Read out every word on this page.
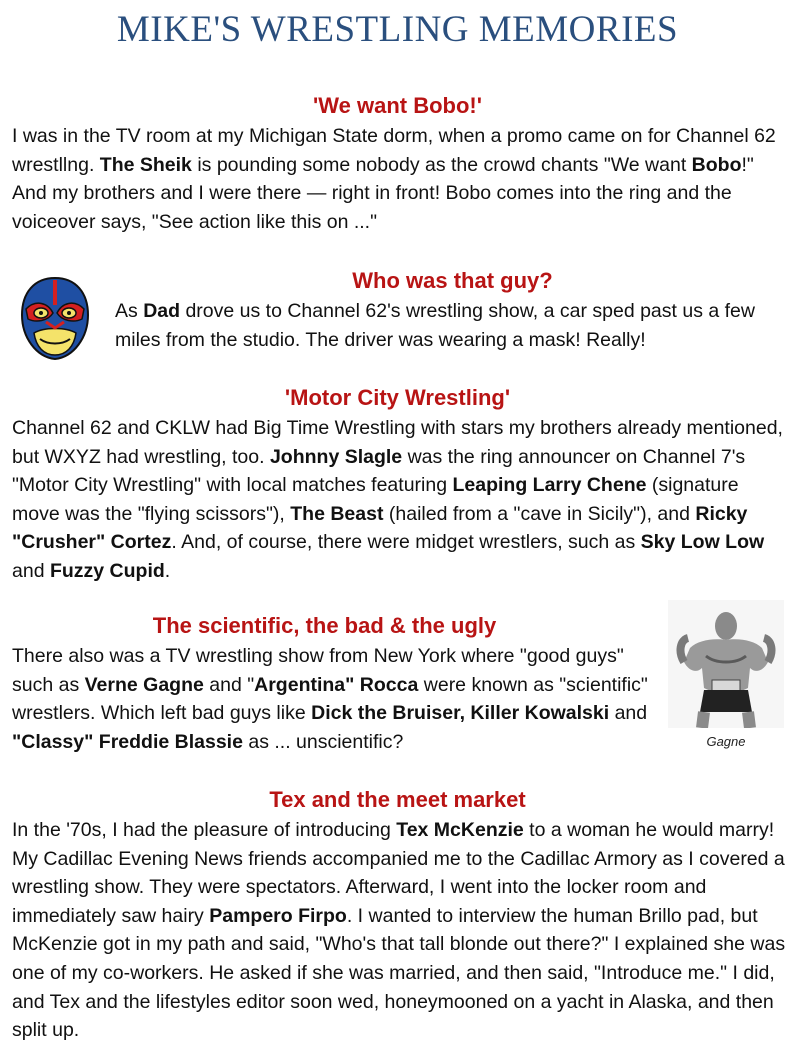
MIKE'S WRESTLING MEMORIES
'We want Bobo!'

I was in the TV room at my Michigan State dorm, when a promo came on for Channel 62 wrestllng. The Sheik is pounding some nobody as the crowd chants "We want Bobo!" And my brothers and I were there — right in front! Bobo comes into the ring and the voiceover says, "See action like this on ..."

Who was that guy?

As Dad drove us to Channel 62's wrestling show, a car sped past us a few miles from the studio. The driver was wearing a mask! Really!

'Motor City Wrestling'

Channel 62 and CKLW had Big Time Wrestling with stars my brothers already mentioned, but WXYZ had wrestling, too. Johnny Slagle was the ring announcer on Channel 7's "Motor City Wrestling" with local matches featuring Leaping Larry Chene (signature move was the "flying scissors"), The Beast (hailed from a "cave in Sicily"), and Ricky "Crusher" Cortez. And, of course, there were midget wrestlers, such as Sky Low Low and Fuzzy Cupid.

The scientific, the bad & the ugly

There also was a TV wrestling show from New York where "good guys" such as Verne Gagne and "Argentina" Rocca were known as "scientific" wrestlers. Which left bad guys like Dick the Bruiser, Killer Kowalski and "Classy" Freddie Blassie as ... unscientific?	Gagne
Tex and the meet market

In the '70s, I had the pleasure of introducing Tex McKenzie to a woman he would marry! My Cadillac Evening News friends accompanied me to the Cadillac Armory as I covered a wrestling show. They were spectators. Afterward, I went into the locker room and immediately saw hairy Pampero Firpo. I wanted to interview the human Brillo pad, but McKenzie got in my path and said, "Who's that tall blonde out there?" I explained she was one of my co-workers. He asked if she was married, and then said, "Introduce me." I did, and Tex and the lifestyles editor soon wed, honeymooned on a yacht in Alaska, and then split up.
